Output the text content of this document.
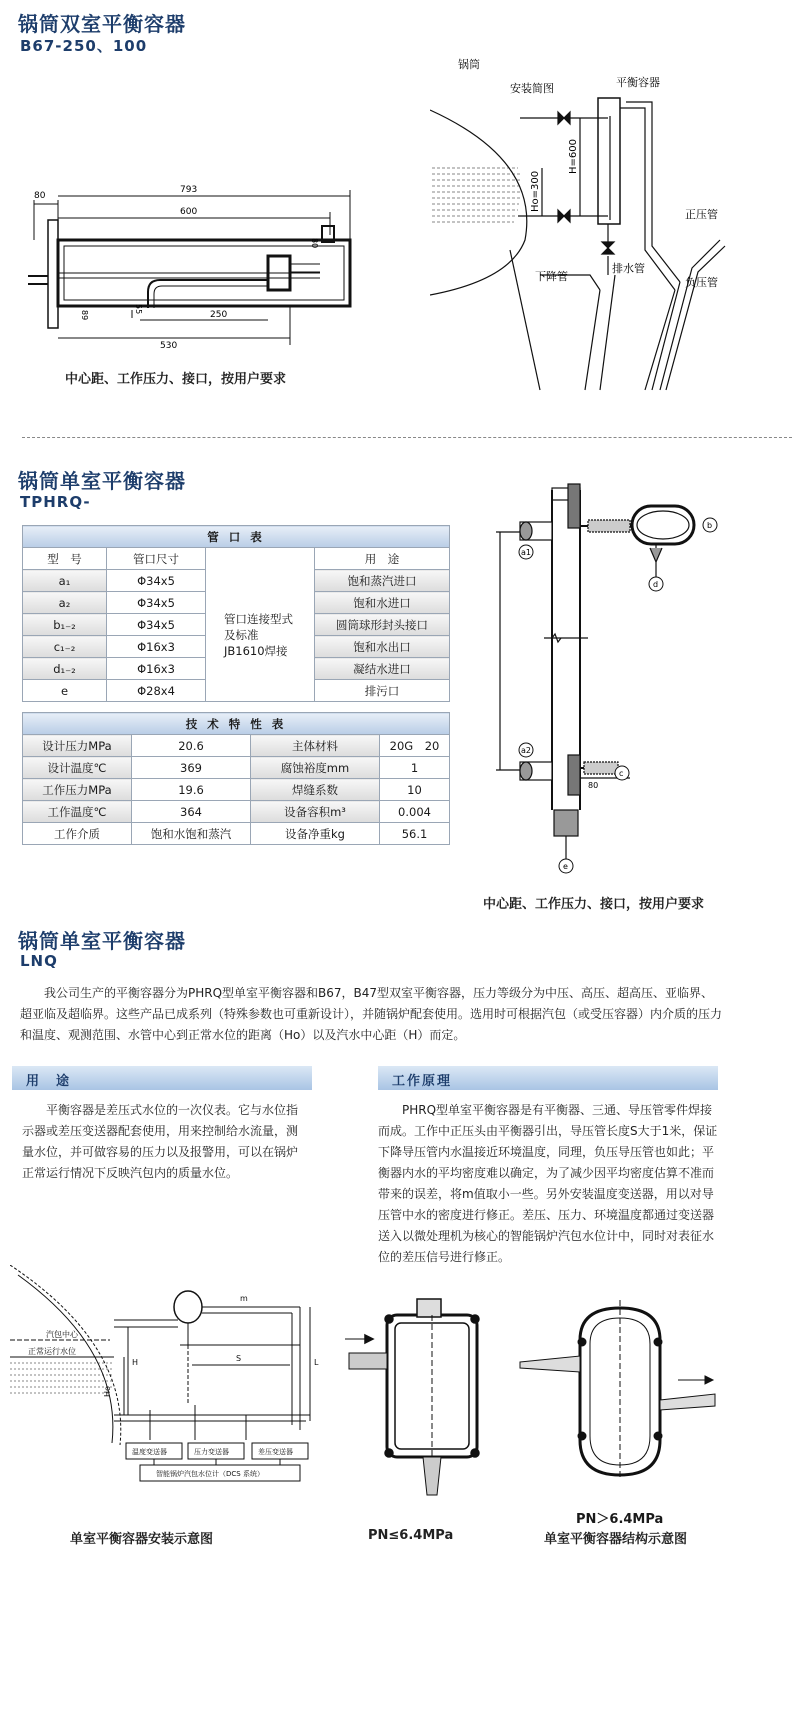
锅筒双室平衡容器
B67-250、100
80
793
600
80
89
55
250
530
中心距、工作压力、接口，按用户要求
锅筒
安装简图	平衡容器
H=600
Ho=300
下降管
排水管
正压管
负压管
锅筒单室平衡容器
TPHRQ-
管 口 表			
型　号	管口尺寸		用　途
a₁	Φ34x5	管口连接型式及标准JB1610焊接	饱和蒸汽进口
a₂	Φ34x5		饱和水进口
b₁₋₂	Φ34x5		圆筒球形封头接口
c₁₋₂	Φ16x3		饱和水出口
d₁₋₂	Φ16x3		凝结水进口
e	Φ28x4		排污口
技 术 特 性 表			
设计压力MPa	20.6	主体材料	20G　20
设计温度℃	369	腐蚀裕度mm	1
工作压力MPa	19.6	焊缝系数	10
工作温度℃	364	设备容积m³	0.004
工作介质	饱和水饱和蒸汽	设备净重kg	56.1
a1
b
d
a2
c
80
e
中心距、工作压力、接口，按用户要求
锅筒单室平衡容器
LNQ
我公司生产的平衡容器分为PHRQ型单室平衡容器和B67，B47型双室平衡容器，压力等级分为中压、高压、超高压、亚临界、超亚临及超临界。这些产品已成系列（特殊参数也可重新设计），并随锅炉配套使用。选用时可根据汽包（或受压容器）内介质的压力和温度、观测范围、水管中心到正常水位的距离（Ho）以及汽水中心距（H）而定。
用　途
平衡容器是差压式水位的一次仪表。它与水位指示器或差压变送器配套使用，用来控制给水流量，测量水位，并可做容易的压力以及报警用，可以在锅炉正常运行情况下反映汽包内的质量水位。
工作原理
PHRQ型单室平衡容器是有平衡器、三通、导压管零件焊接而成。工作中正压头由平衡器引出，导压管长度S大于1米，保证下降导压管内水温接近环境温度，同理，负压导压管也如此；平衡器内水的平均密度难以确定，为了减少因平均密度估算不准而带来的误差，将m值取小一些。另外安装温度变送器，用以对导压管中水的密度进行修正。差压、压力、环境温度都通过变送器送入以微处理机为核心的智能锅炉汽包水位计中，同时对表征水位的差压信号进行修正。
汽包中心
正常运行水位
m
S
H	L
Ho
温度变送器	压力变送器	差压变送器
智能锅炉汽包水位计（DCS 系统）
单室平衡容器安装示意图	PN≤6.4MPa
PN＞6.4MPa
单室平衡容器结构示意图
